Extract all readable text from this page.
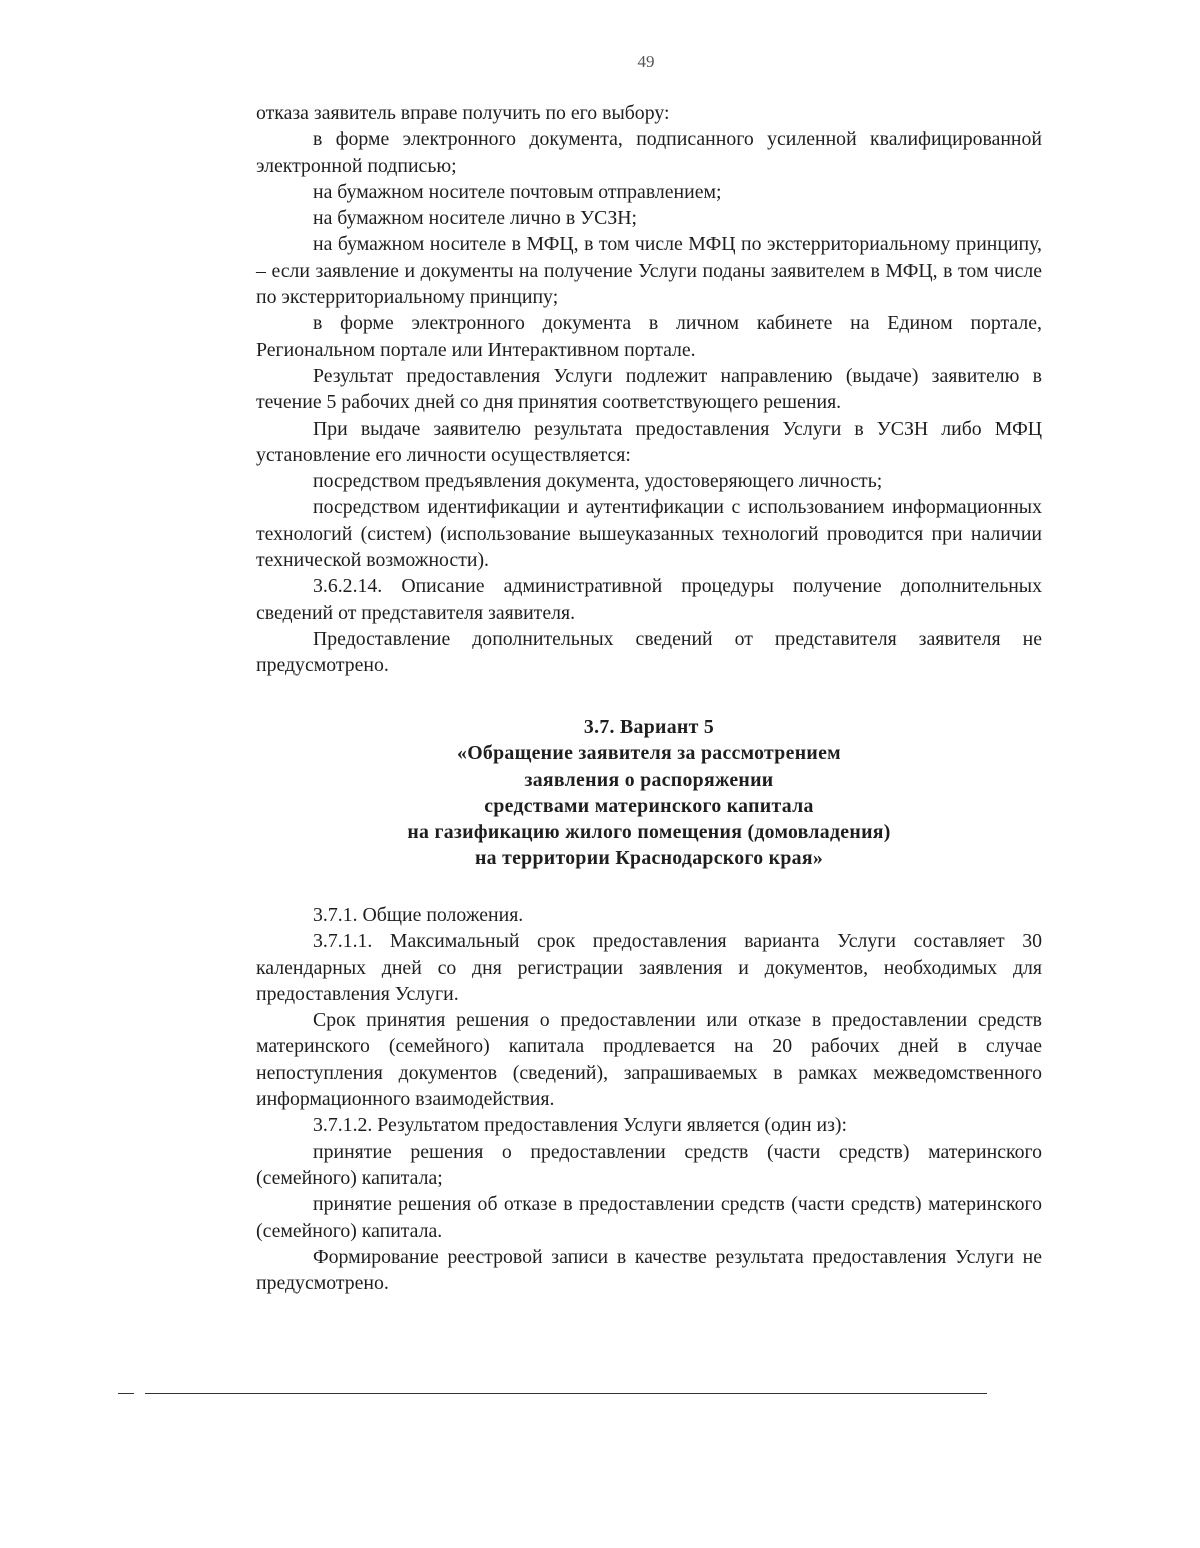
49

отказа заявитель вправе получить по его выбору:

в форме электронного документа, подписанного усиленной квалифицированной электронной подписью;

на бумажном носителе почтовым отправлением;

на бумажном носителе лично в УСЗН;

на бумажном носителе в МФЦ, в том числе МФЦ по экстерриториальному принципу, – если заявление и документы на получение Услуги поданы заявителем в МФЦ, в том числе по экстерриториальному принципу;

в форме электронного документа в личном кабинете на Едином портале, Региональном портале или Интерактивном портале.

Результат предоставления Услуги подлежит направлению (выдаче) заявителю в течение 5 рабочих дней со дня принятия соответствующего решения.

При выдаче заявителю результата предоставления Услуги в УСЗН либо МФЦ установление его личности осуществляется:

посредством предъявления документа, удостоверяющего личность;

посредством идентификации и аутентификации с использованием информационных технологий (систем) (использование вышеуказанных технологий проводится при наличии технической возможности).

3.6.2.14. Описание административной процедуры получение дополнительных сведений от представителя заявителя.

Предоставление дополнительных сведений от представителя заявителя не предусмотрено.

3.7. Вариант 5
«Обращение заявителя за рассмотрением
заявления о распоряжении
средствами материнского капитала
на газификацию жилого помещения (домовладения)
на территории Краснодарского края»

3.7.1. Общие положения.

3.7.1.1. Максимальный срок предоставления варианта Услуги составляет 30 календарных дней со дня регистрации заявления и документов, необходимых для предоставления Услуги.

Срок принятия решения о предоставлении или отказе в предоставлении средств материнского (семейного) капитала продлевается на 20 рабочих дней в случае непоступления документов (сведений), запрашиваемых в рамках межведомственного информационного взаимодействия.

3.7.1.2. Результатом предоставления Услуги является (один из):

принятие решения о предоставлении средств (части средств) материнского (семейного) капитала;

принятие решения об отказе в предоставлении средств (части средств) материнского (семейного) капитала.

Формирование реестровой записи в качестве результата предоставления Услуги не предусмотрено.
